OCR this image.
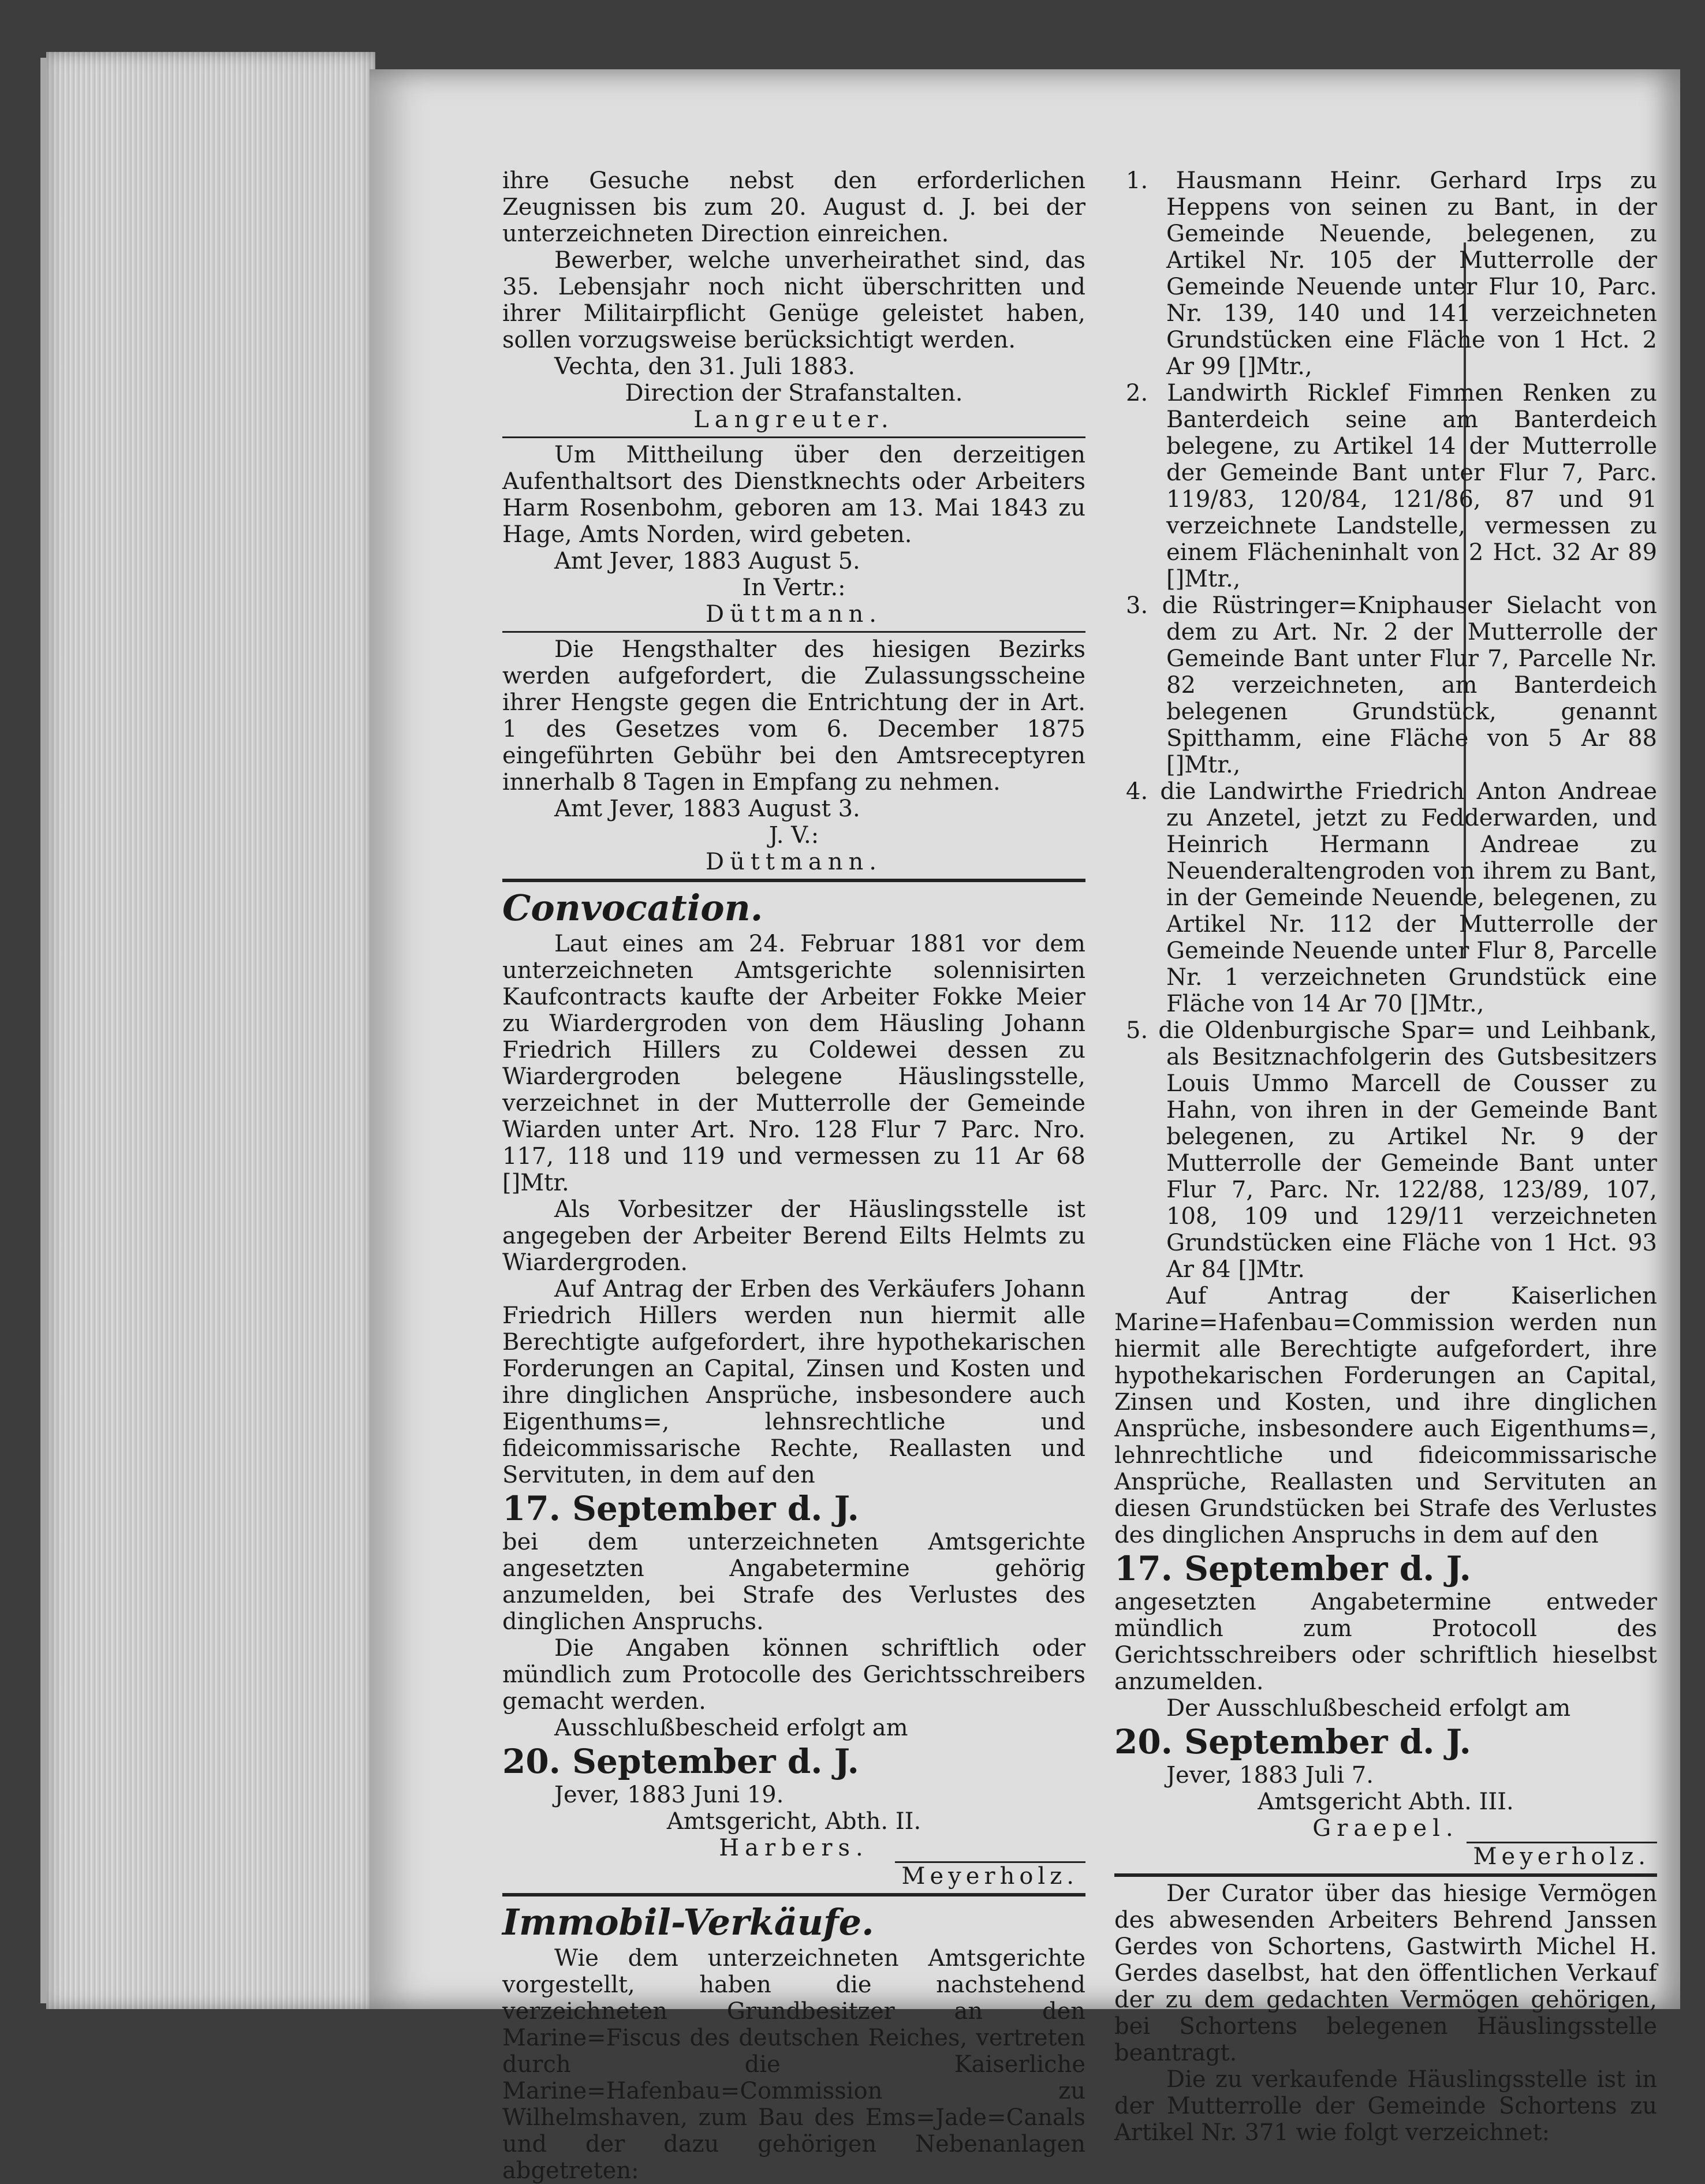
ihre Gesuche nebst den erforderlichen Zeugnissen bis zum 20. August d. J. bei der unterzeichneten Direction einreichen.

Bewerber, welche unverheirathet sind, das 35. Lebensjahr noch nicht überschritten und ihrer Militairpflicht Genüge geleistet haben, sollen vorzugsweise berücksichtigt werden.

Vechta, den 31. Juli 1883.

Direction der Strafanstalten.

Langreuter.

Um Mittheilung über den derzeitigen Aufenthaltsort des Dienstknechts oder Arbeiters Harm Rosenbohm, geboren am 13. Mai 1843 zu Hage, Amts Norden, wird gebeten.

Amt Jever, 1883 August 5.

In Vertr.:

Düttmann.

Die Hengsthalter des hiesigen Bezirks werden aufgefordert, die Zulassungsscheine ihrer Hengste gegen die Entrichtung der in Art. 1 des Gesetzes vom 6. December 1875 eingeführten Gebühr bei den Amtsreceptуren innerhalb 8 Tagen in Empfang zu nehmen.

Amt Jever, 1883 August 3.

J. V.:

Düttmann.

Convocation.

Laut eines am 24. Februar 1881 vor dem unterzeichneten Amtsgerichte solennisirten Kaufcontracts kaufte der Arbeiter Fokke Meier zu Wiardergroden von dem Häusling Johann Friedrich Hillers zu Coldewei dessen zu Wiardergroden belegene Häuslingsstelle, verzeichnet in der Mutterrolle der Gemeinde Wiarden unter Art. Nro. 128 Flur 7 Parc. Nro. 117, 118 und 119 und vermessen zu 11 Ar 68 []Mtr.

Als Vorbesitzer der Häuslingsstelle ist angegeben der Arbeiter Berend Eilts Helmts zu Wiardergroden.

Auf Antrag der Erben des Verkäufers Johann Friedrich Hillers werden nun hiermit alle Berechtigte aufgefordert, ihre hypothekarischen Forderungen an Capital, Zinsen und Kosten und ihre dinglichen Ansprüche, insbesondere auch Eigenthums=, lehnsrechtliche und fideicommissarische Rechte, Reallasten und Servituten, in dem auf den

17. September d. J.

bei dem unterzeichneten Amtsgerichte angesetzten Angabetermine gehörig anzumelden, bei Strafe des Verlustes des dinglichen Anspruchs.

Die Angaben können schriftlich oder mündlich zum Protocolle des Gerichtsschreibers gemacht werden.

Ausschlußbescheid erfolgt am

20. September d. J.

Jever, 1883 Juni 19.

Amtsgericht, Abth. II.

Harbers.

Meyerholz.

Immobil-Verkäufe.

Wie dem unterzeichneten Amtsgerichte vorgestellt, haben die nachstehend verzeichneten Grundbesitzer an den Marine=Fiscus des deutschen Reiches, vertreten durch die Kaiserliche Marine=Hafenbau=Commission zu Wilhelmshaven, zum Bau des Ems=Jade=Canals und der dazu gehörigen Nebenanlagen abgetreten:

1. Hausmann Heinr. Gerhard Irps zu Heppens von seinen zu Bant, in der Gemeinde Neuende, belegenen, zu Artikel Nr. 105 der Mutterrolle der Gemeinde Neuende unter Flur 10, Parc. Nr. 139, 140 und 141 verzeichneten Grundstücken eine Fläche von 1 Hct. 2 Ar 99 []Mtr.,

2. Landwirth Ricklef Fimmen Renken zu Banterdeich seine am Banterdeich belegene, zu Artikel 14 der Mutterrolle der Gemeinde Bant unter Flur 7, Parc. 119/83, 120/84, 121/86, 87 und 91 verzeichnete Landstelle, vermessen zu einem Flächeninhalt von 2 Hct. 32 Ar 89 []Mtr.,

3. die Rüstringer=Kniphauser Sielacht von dem zu Art. Nr. 2 der Mutterrolle der Gemeinde Bant unter Flur 7, Parcelle Nr. 82 verzeichneten, am Banterdeich belegenen Grundstück, genannt Spitthamm, eine Fläche von 5 Ar 88 []Mtr.,

4. die Landwirthe Friedrich Anton Andreae zu Anzetel, jetzt zu Fedderwarden, und Heinrich Hermann Andreae zu Neuenderaltengroden von ihrem zu Bant, in der Gemeinde Neuende, belegenen, zu Artikel Nr. 112 der Mutterrolle der Gemeinde Neuende unter Flur 8, Parcelle Nr. 1 verzeichneten Grundstück eine Fläche von 14 Ar 70 []Mtr.,

5. die Oldenburgische Spar= und Leihbank, als Besitznachfolgerin des Gutsbesitzers Louis Ummo Marcell de Cousser zu Hahn, von ihren in der Gemeinde Bant belegenen, zu Artikel Nr. 9 der Mutterrolle der Gemeinde Bant unter Flur 7, Parc. Nr. 122/88, 123/89, 107, 108, 109 und 129/11 verzeichneten Grundstücken eine Fläche von 1 Hct. 93 Ar 84 []Mtr.

Auf Antrag der Kaiserlichen Marine=Hafenbau=Commission werden nun hiermit alle Berechtigte aufgefordert, ihre hypothekarischen Forderungen an Capital, Zinsen und Kosten, und ihre dinglichen Ansprüche, insbesondere auch Eigenthums=, lehnrechtliche und fideicommissarische Ansprüche, Reallasten und Servituten an diesen Grundstücken bei Strafe des Verlustes des dinglichen Anspruchs in dem auf den

17. September d. J.

angesetzten Angabetermine entweder mündlich zum Protocoll des Gerichtsschreibers oder schriftlich hieselbst anzumelden.

Der Ausschlußbescheid erfolgt am

20. September d. J.

Jever, 1883 Juli 7.

Amtsgericht Abth. III.

Graepel.

Meyerholz.

Der Curator über das hiesige Vermögen des abwesenden Arbeiters Behrend Janssen Gerdes von Schortens, Gastwirth Michel H. Gerdes daselbst, hat den öffentlichen Verkauf der zu dem gedachten Vermögen gehörigen, bei Schortens belegenen Häuslingsstelle beantragt.

Die zu verkaufende Häuslingsstelle ist in der Mutterrolle der Gemeinde Schortens zu Artikel Nr. 371 wie folgt verzeichnet:
